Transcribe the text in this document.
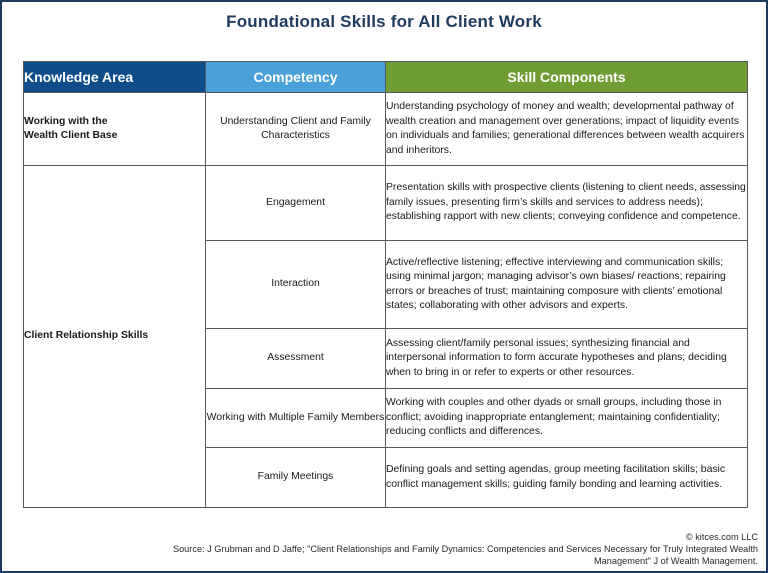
Foundational Skills for All Client Work
Knowledge Area	Competency	Skill Components
Working with the
Wealth Client Base	Understanding Client and Family Characteristics	Understanding psychology of money and wealth; developmental pathway of wealth creation and management over generations; impact of liquidity events on individuals and families; generational differences between wealth acquirers and inheritors.
Client Relationship Skills	Engagement	Presentation skills with prospective clients (listening to client needs, assessing family issues, presenting firm’s skills and services to address needs); establishing rapport with new clients; conveying confidence and competence.
	Interaction	Active/reflective listening; effective interviewing and communication skills; using minimal jargon; managing advisor’s own biases/ reactions; repairing errors or breaches of trust; maintaining composure with clients’ emotional states; collaborating with other advisors and experts.
	Assessment	Assessing client/family personal issues; synthesizing financial and interpersonal information to form accurate hypotheses and plans; deciding when to bring in or refer to experts or other resources.
	Working with Multiple Family Members	Working with couples and other dyads or small groups, including those in conflict; avoiding inappropriate entanglement; maintaining confidentiality; reducing conflicts and differences.
	Family Meetings	Defining goals and setting agendas, group meeting facilitation skills; basic conflict management skills; guiding family bonding and learning activities.
© kitces.com LLC
Source: J Grubman and D Jaffe; "Client Relationships and Family Dynamics: Competencies and Services Necessary for Truly Integrated Wealth Management" J of Wealth Management.
